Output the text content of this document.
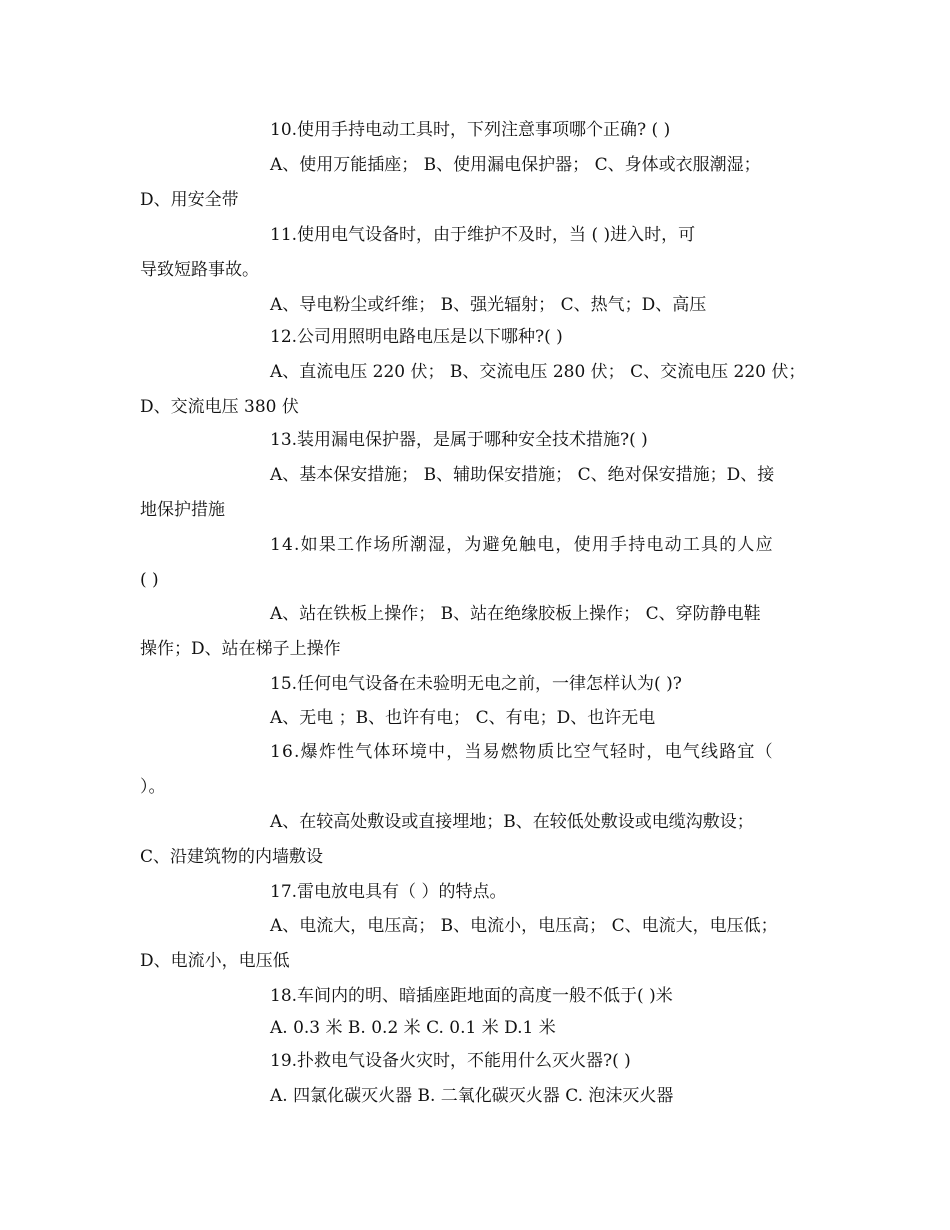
10.使用手持电动工具时，下列注意事项哪个正确? ( )
A、使用万能插座； B、使用漏电保护器； C、身体或衣服潮湿；
D、用安全带
11.使用电气设备时，由于维护不及时，当 ( )进入时，可
导致短路事故。
A、导电粉尘或纤维； B、强光辐射； C、热气；D、高压
12.公司用照明电路电压是以下哪种?( )
A、直流电压 220 伏； B、交流电压 280 伏； C、交流电压 220 伏；
D、交流电压 380 伏
13.装用漏电保护器，是属于哪种安全技术措施?( )
A、基本保安措施； B、辅助保安措施； C、绝对保安措施；D、接
地保护措施
14.如果工作场所潮湿，为避免触电，使用手持电动工具的人应
( )
A、站在铁板上操作； B、站在绝缘胶板上操作； C、穿防静电鞋
操作；D、站在梯子上操作
15.任何电气设备在未验明无电之前，一律怎样认为( )?
A、无电 ；B、也许有电； C、有电；D、也许无电
16.爆炸性气体环境中，当易燃物质比空气轻时，电气线路宜（
）。
A、在较高处敷设或直接埋地；B、在较低处敷设或电缆沟敷设；
C、沿建筑物的内墙敷设
17.雷电放电具有（ ）的特点。
A、电流大，电压高； B、电流小，电压高； C、电流大，电压低；
D、电流小，电压低
18.车间内的明、暗插座距地面的高度一般不低于( )米
A. 0.3 米 B. 0.2 米 C. 0.1 米 D.1 米
19.扑救电气设备火灾时，不能用什么灭火器?( )
A. 四氯化碳灭火器 B. 二氧化碳灭火器 C. 泡沫灭火器
